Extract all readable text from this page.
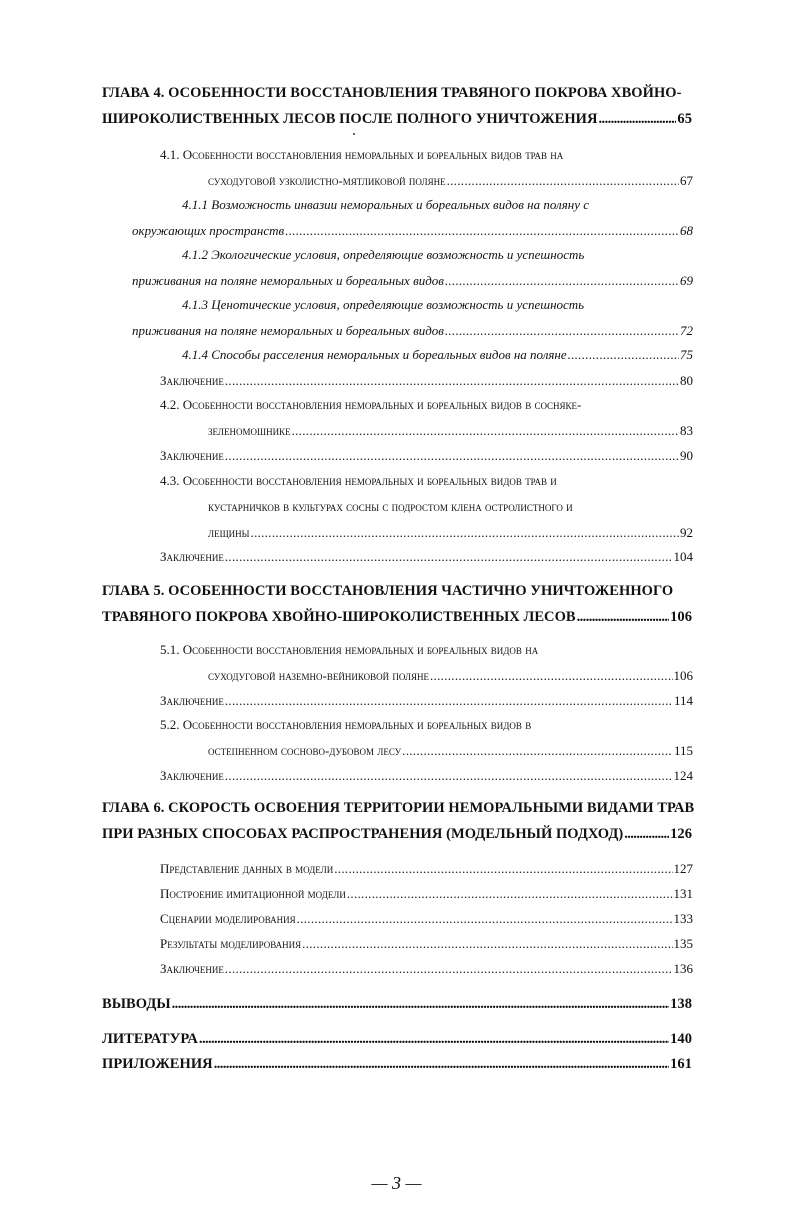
ГЛАВА 4. ОСОБЕННОСТИ ВОССТАНОВЛЕНИЯ ТРАВЯНОГО ПОКРОВА ХВОЙНО-
ШИРОКОЛИСТВЕННЫХ ЛЕСОВ ПОСЛЕ ПОЛНОГО УНИЧТОЖЕНИЯ .....	65
4.1. Особенности восстановления неморальных и бореальных видов трав на
суходуговой узколистно-мятликовой поляне .....	67
4.1.1 Возможность инвазии неморальных и бореальных видов на поляну с
окружающих пространств .....	68
4.1.2 Экологические условия, определяющие возможность и успешность
приживания на поляне неморальных и бореальных видов .....	69
4.1.3 Ценотические условия, определяющие возможность и успешность
приживания на поляне неморальных и бореальных видов .....	72
4.1.4 Способы расселения неморальных и бореальных видов на поляне .....	75
Заключение .....	80
4.2. Особенности восстановления неморальных и бореальных видов в сосняке-
зеленомошнике .....	83
Заключение .....	90
4.3. Особенности восстановления неморальных и бореальных видов трав и
кустарничков в культурах сосны с подростом клена остролистного и
лещины .....	92
Заключение .....	104
ГЛАВА 5. ОСОБЕННОСТИ ВОССТАНОВЛЕНИЯ ЧАСТИЧНО УНИЧТОЖЕННОГО
ТРАВЯНОГО ПОКРОВА ХВОЙНО-ШИРОКОЛИСТВЕННЫХ ЛЕСОВ .....	106
5.1. Особенности восстановления неморальных и бореальных видов на
суходуговой наземно-вейниковой поляне .....	106
Заключение .....	114
5.2. Особенности восстановления неморальных и бореальных видов в
остепненном сосново-дубовом лесу .....	115
Заключение .....	124
ГЛАВА 6. СКОРОСТЬ ОСВОЕНИЯ ТЕРРИТОРИИ НЕМОРАЛЬНЫМИ ВИДАМИ ТРАВ
ПРИ РАЗНЫХ СПОСОБАХ РАСПРОСТРАНЕНИЯ (МОДЕЛЬНЫЙ ПОДХОД) .....	126
Представление данных в модели .....	127
Построение имитационной модели .....	131
Сценарии моделирования .....	133
Результаты моделирования .....	135
Заключение .....	136
ВЫВОДЫ .....	138
ЛИТЕРАТУРА .....	140
ПРИЛОЖЕНИЯ .....	161
— 3 —
